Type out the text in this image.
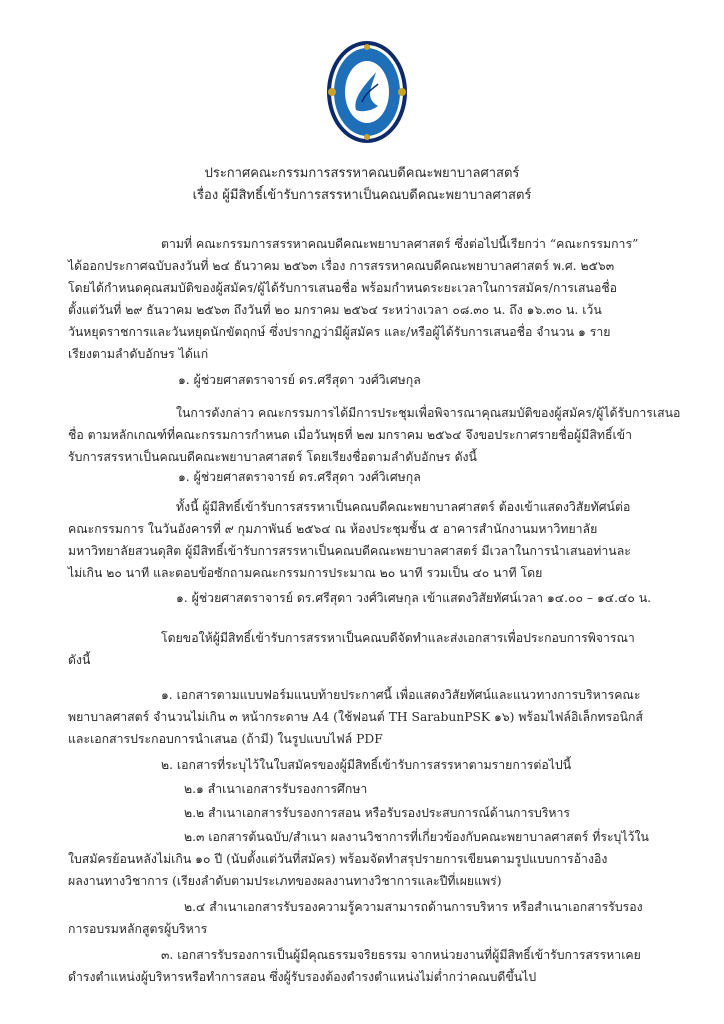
ประกาศคณะกรรมการสรรหาคณบดีคณะพยาบาลศาสตร์
เรื่อง ผู้มีสิทธิ์เข้ารับการสรรหาเป็นคณบดีคณะพยาบาลศาสตร์
ตามที่ คณะกรรมการสรรหาคณบดีคณะพยาบาลศาสตร์ ซึ่งต่อไปนี้เรียกว่า “คณะกรรมการ”
ได้ออกประกาศฉบับลงวันที่ ๒๔ ธันวาคม ๒๕๖๓ เรื่อง การสรรหาคณบดีคณะพยาบาลศาสตร์ พ.ศ. ๒๕๖๓
โดยได้กำหนดคุณสมบัติของผู้สมัคร/ผู้ได้รับการเสนอชื่อ พร้อมกำหนดระยะเวลาในการสมัคร/การเสนอชื่อ
ตั้งแต่วันที่ ๒๙ ธันวาคม ๒๕๖๓ ถึงวันที่ ๒๐ มกราคม ๒๕๖๔ ระหว่างเวลา ๐๘.๓๐ น. ถึง ๑๖.๓๐ น. เว้น
วันหยุดราชการและวันหยุดนักขัตฤกษ์ ซึ่งปรากฏว่ามีผู้สมัคร และ/หรือผู้ได้รับการเสนอชื่อ จำนวน ๑ ราย
เรียงตามลำดับอักษร ได้แก่
๑. ผู้ช่วยศาสตราจารย์ ดร.ศรีสุดา วงศ์วิเศษกุล
ในการดังกล่าว คณะกรรมการได้มีการประชุมเพื่อพิจารณาคุณสมบัติของผู้สมัคร/ผู้ได้รับการเสนอ
ชื่อ ตามหลักเกณฑ์ที่คณะกรรมการกำหนด เมื่อวันพุธที่ ๒๗ มกราคม ๒๕๖๔ จึงขอประกาศรายชื่อผู้มีสิทธิ์เข้า
รับการสรรหาเป็นคณบดีคณะพยาบาลศาสตร์ โดยเรียงชื่อตามลำดับอักษร ดังนี้
๑. ผู้ช่วยศาสตราจารย์ ดร.ศรีสุดา วงศ์วิเศษกุล
ทั้งนี้ ผู้มีสิทธิ์เข้ารับการสรรหาเป็นคณบดีคณะพยาบาลศาสตร์ ต้องเข้าแสดงวิสัยทัศน์ต่อ
คณะกรรมการ ในวันอังคารที่ ๙ กุมภาพันธ์ ๒๕๖๔ ณ ห้องประชุมชั้น ๕ อาคารสำนักงานมหาวิทยาลัย
มหาวิทยาลัยสวนดุสิต ผู้มีสิทธิ์เข้ารับการสรรหาเป็นคณบดีคณะพยาบาลศาสตร์ มีเวลาในการนำเสนอท่านละ
ไม่เกิน ๒๐ นาที และตอบข้อซักถามคณะกรรมการประมาณ ๒๐ นาที รวมเป็น ๔๐ นาที โดย
๑. ผู้ช่วยศาสตราจารย์ ดร.ศรีสุดา วงศ์วิเศษกุล เข้าแสดงวิสัยทัศน์เวลา ๑๔.๐๐ – ๑๔.๔๐ น.
โดยขอให้ผู้มีสิทธิ์เข้ารับการสรรหาเป็นคณบดีจัดทำและส่งเอกสารเพื่อประกอบการพิจารณา
ดังนี้
๑. เอกสารตามแบบฟอร์มแนบท้ายประกาศนี้ เพื่อแสดงวิสัยทัศน์และแนวทางการบริหารคณะ
พยาบาลศาสตร์ จำนวนไม่เกิน ๓ หน้ากระดาษ A4 (ใช้ฟอนต์ TH SarabunPSK ๑๖) พร้อมไฟล์อิเล็กทรอนิกส์
และเอกสารประกอบการนำเสนอ (ถ้ามี) ในรูปแบบไฟล์ PDF
๒. เอกสารที่ระบุไว้ในใบสมัครของผู้มีสิทธิ์เข้ารับการสรรหาตามรายการต่อไปนี้
๒.๑ สำเนาเอกสารรับรองการศึกษา
๒.๒ สำเนาเอกสารรับรองการสอน หรือรับรองประสบการณ์ด้านการบริหาร
๒.๓ เอกสารต้นฉบับ/สำเนา ผลงานวิชาการที่เกี่ยวข้องกับคณะพยาบาลศาสตร์ ที่ระบุไว้ใน
ใบสมัครย้อนหลังไม่เกิน ๑๐ ปี (นับตั้งแต่วันที่สมัคร) พร้อมจัดทำสรุปรายการเขียนตามรูปแบบการอ้างอิง
ผลงานทางวิชาการ (เรียงลำดับตามประเภทของผลงานทางวิชาการและปีที่เผยแพร่)
๒.๔ สำเนาเอกสารรับรองความรู้ความสามารถด้านการบริหาร หรือสำเนาเอกสารรับรอง
การอบรมหลักสูตรผู้บริหาร
๓. เอกสารรับรองการเป็นผู้มีคุณธรรมจริยธรรม จากหน่วยงานที่ผู้มีสิทธิ์เข้ารับการสรรหาเคย
ดำรงตำแหน่งผู้บริหารหรือทำการสอน ซึ่งผู้รับรองต้องดำรงตำแหน่งไม่ต่ำกว่าคณบดีขึ้นไป
